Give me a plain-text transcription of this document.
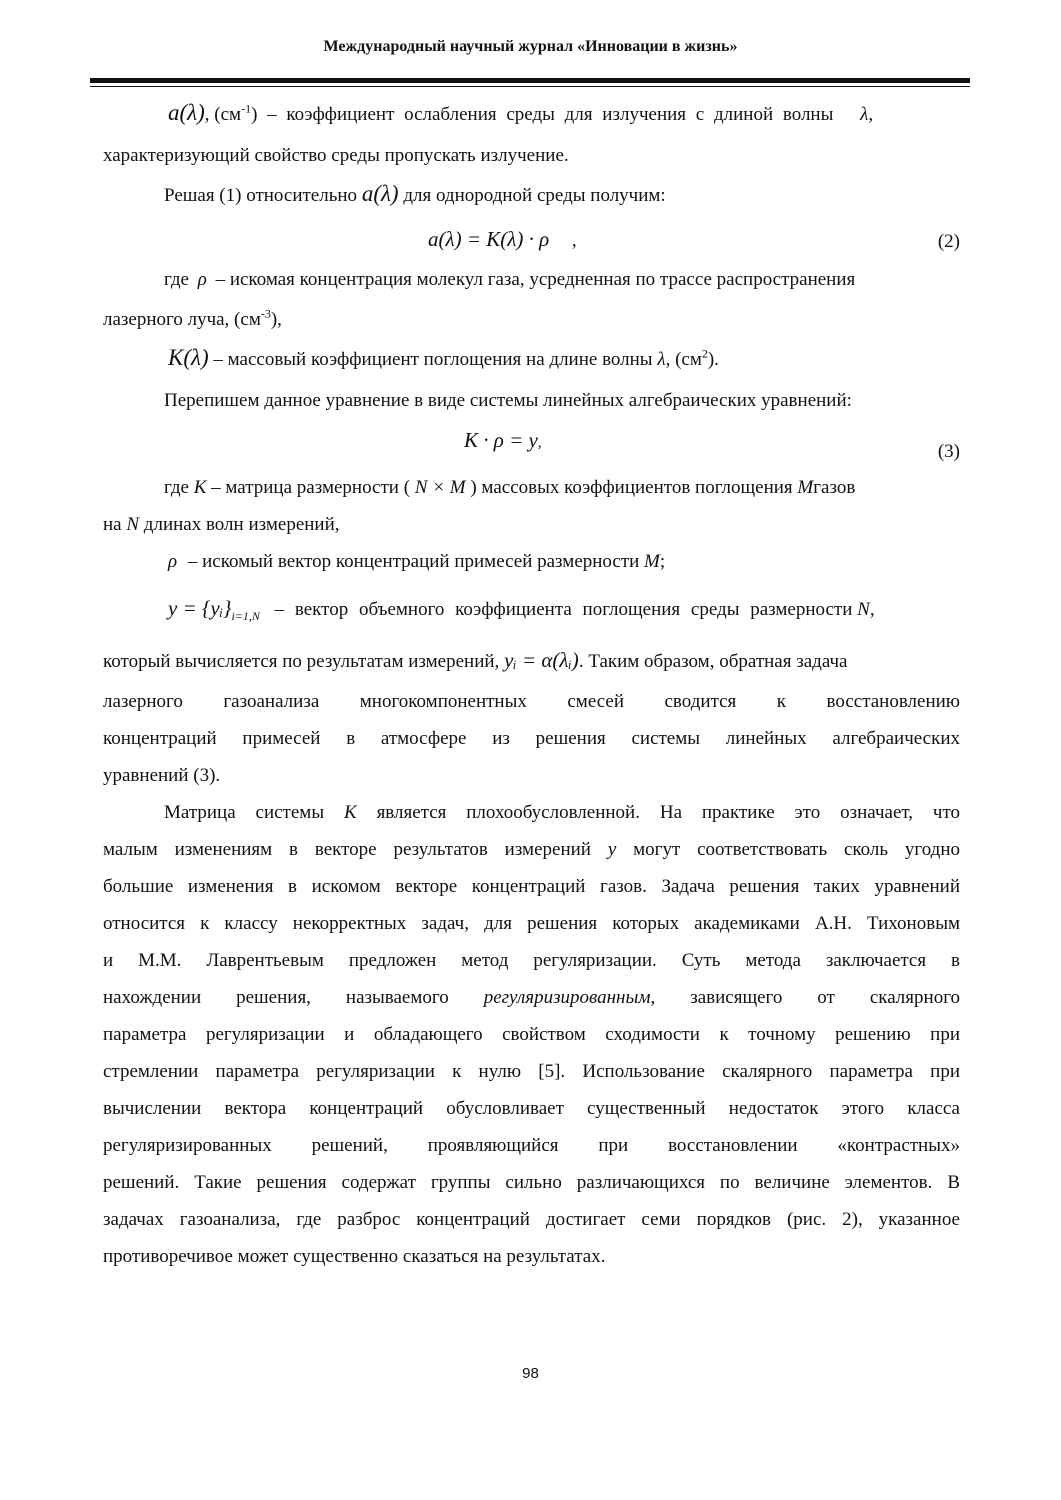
Международный научный журнал «Инновации в жизнь»
a(λ), $(см^{-1})$ – коэффициент ослабления среды для излучения с длиной волны λ,
характеризующий свойство среды пропускать излучение.
Решая (1) относительно a(λ) для однородной среды получим:
a(λ) = K(λ) · ρ ,	(2)
где ρ – искомая концентрация молекул газа, усредненная по трассе распространения
лазерного луча, $(см^{-3})$,
K(λ) – массовый коэффициент поглощения на длине волны λ, $(см^2)$.
Перепишем данное уравнение в виде системы линейных алгебраических уравнений:
K · ρ = y,	(3)
где K – матрица размерности ( N × M ) массовых коэффициентов поглощения Mгазов
на N длинах волн измерений,
ρ – искомый вектор концентраций примесей размерности M;
$y = \{yᵢ\}_{i=1,N}$ – вектор объемного коэффициента поглощения среды размерности N,
который вычисляется по результатам измерений, yᵢ = α(λᵢ). Таким образом, обратная задача
лазерного газоанализа многокомпонентных смесей сводится к восстановлению
концентраций примесей в атмосфере из решения системы линейных алгебраических
уравнений (3).
Матрица системы K является плохообусловленной. На практике это означает, что
малым изменениям в векторе результатов измерений y могут соответствовать сколь угодно
большие изменения в искомом векторе концентраций газов. Задача решения таких уравнений
относится к классу некорректных задач, для решения которых академиками А.Н. Тихоновым
и М.М. Лаврентьевым предложен метод регуляризации. Суть метода заключается в
нахождении решения, называемого регуляризированным, зависящего от скалярного
параметра регуляризации и обладающего свойством сходимости к точному решению при
стремлении параметра регуляризации к нулю [5]. Использование скалярного параметра при
вычислении вектора концентраций обусловливает существенный недостаток этого класса
регуляризированных решений, проявляющийся при восстановлении «контрастных»
решений. Такие решения содержат группы сильно различающихся по величине элементов. В
задачах газоанализа, где разброс концентраций достигает семи порядков (рис. 2), указанное
противоречивое может существенно сказаться на результатах.
98
